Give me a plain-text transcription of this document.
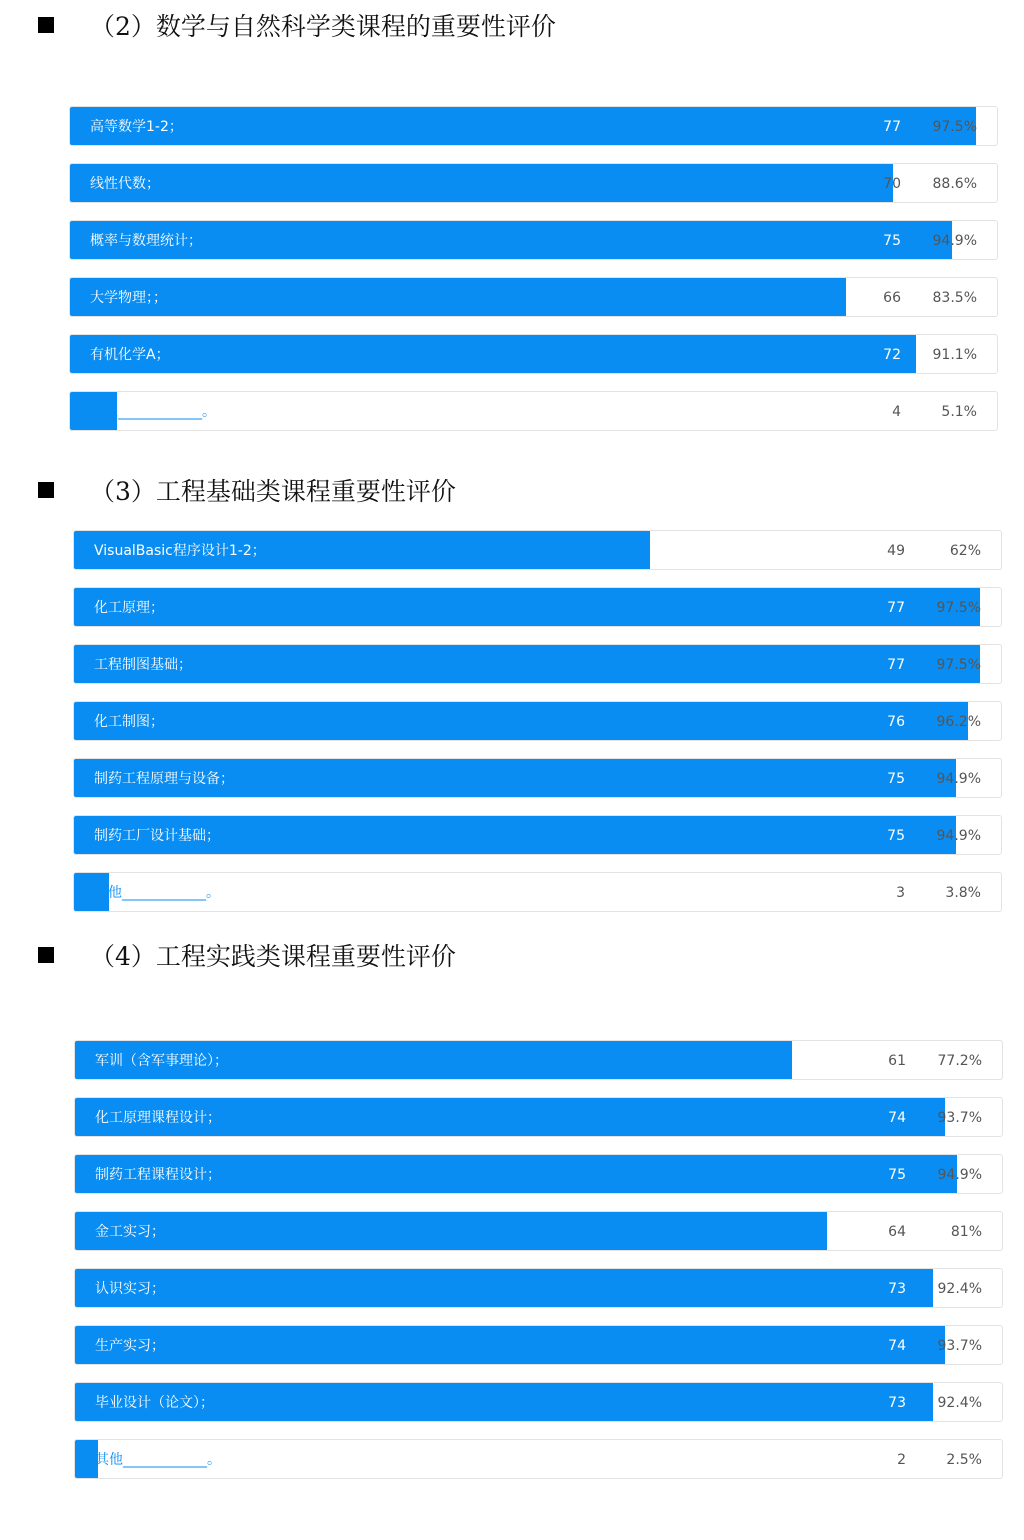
（2）数学与自然科学类课程的重要性评价
高等数学1-2；	77	97.5%
线性代数；	70	88.6%
概率与数理统计；	75	94.9%
大学物理；；	66	83.5%
有机化学A；	72	91.1%
其他____________。	4	5.1%
（3）工程基础类课程重要性评价
VisualBasic程序设计1-2；	49	62%
化工原理；	77	97.5%
工程制图基础；	77	97.5%
化工制图；	76	96.2%
制药工程原理与设备；	75	94.9%
制药工厂设计基础；	75	94.9%
其他____________。	3	3.8%
（4）工程实践类课程重要性评价
军训（含军事理论）；	61	77.2%
化工原理课程设计；	74	93.7%
制药工程课程设计；	75	94.9%
金工实习；	64	81%
认识实习；	73	92.4%
生产实习；	74	93.7%
毕业设计（论文）；	73	92.4%
其他____________。	2	2.5%
